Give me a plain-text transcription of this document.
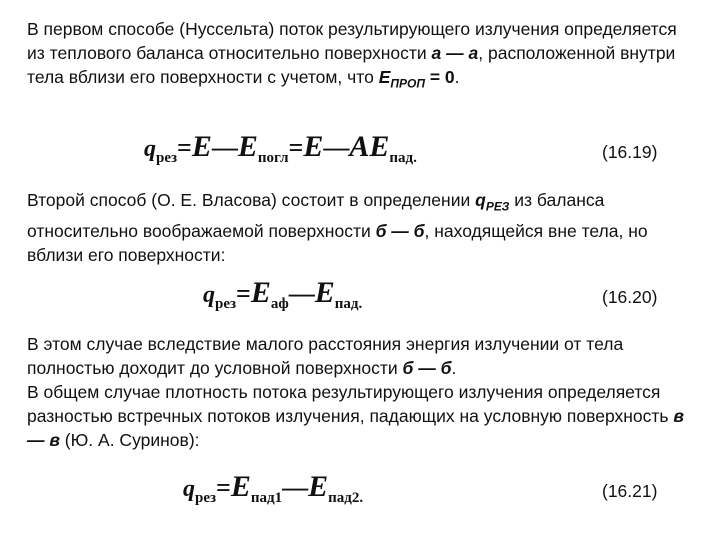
В первом способе (Нуссельта) поток результирующего излучения определяется из теплового баланса относительно поверхности а — а, расположенной внутри тела вблизи его поверхности с учетом, что $Е_{ПРОП} = 0$.
qрез=E—Eпогл=E—AEпад.	(16.19)
Второй способ (О. Е. Власова) состоит в определении $q_{РЕЗ}$ из баланса относительно воображаемой поверхности б — б, находящейся вне тела, но вблизи его поверхности:
qрез=Eаф—Eпад.	(16.20)
В этом случае вследствие малого расстояния энергия излучении от тела полностью доходит до условной поверхности б — б.
В общем случае плотность потока результирующего излучения определяется разностью встречных потоков излучения, падающих на условную поверхность в — в (Ю. А. Суринов):
qрез=Eпад1—Eпад2.	(16.21)
